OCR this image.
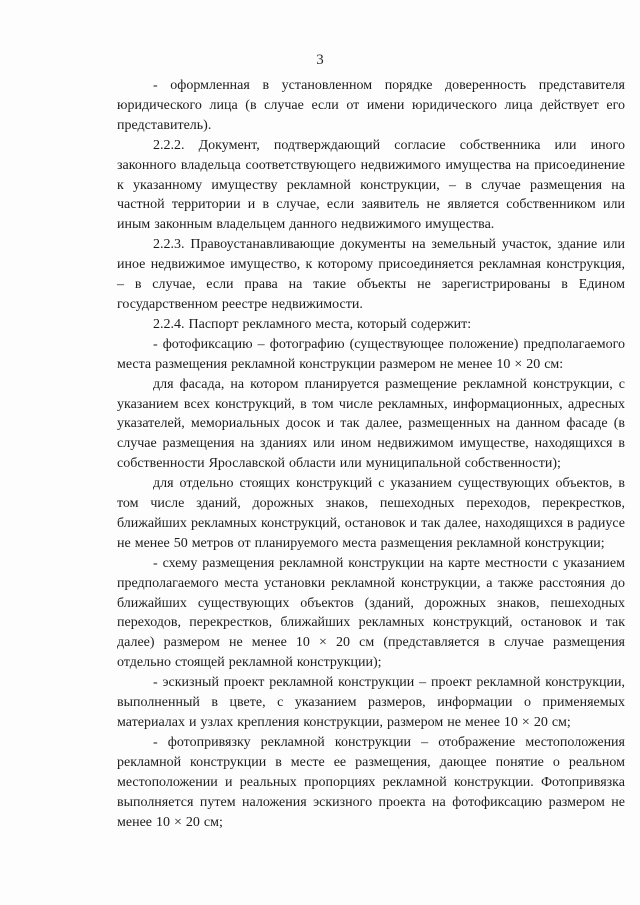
3

- оформленная в установленном порядке доверенность представителя юридического лица (в случае если от имени юридического лица действует его представитель).

2.2.2. Документ, подтверждающий согласие собственника или иного законного владельца соответствующего недвижимого имущества на присоединение к указанному имуществу рекламной конструкции, – в случае размещения на частной территории и в случае, если заявитель не является собственником или иным законным владельцем данного недвижимого имущества.

2.2.3. Правоустанавливающие документы на земельный участок, здание или иное недвижимое имущество, к которому присоединяется рекламная конструкция, – в случае, если права на такие объекты не зарегистрированы в Едином государственном реестре недвижимости.

2.2.4. Паспорт рекламного места, который содержит:

- фотофиксацию – фотографию (существующее положение) предполагаемого места размещения рекламной конструкции размером не менее 10 × 20 см:

для фасада, на котором планируется размещение рекламной конструкции, с указанием всех конструкций, в том числе рекламных, информационных, адресных указателей, мемориальных досок и так далее, размещенных на данном фасаде (в случае размещения на зданиях или ином недвижимом имуществе, находящихся в собственности Ярославской области или муниципальной собственности);

для отдельно стоящих конструкций с указанием существующих объектов, в том числе зданий, дорожных знаков, пешеходных переходов, перекрестков, ближайших рекламных конструкций, остановок и так далее, находящихся в радиусе не менее 50 метров от планируемого места размещения рекламной конструкции;

- схему размещения рекламной конструкции на карте местности с указанием предполагаемого места установки рекламной конструкции, а также расстояния до ближайших существующих объектов (зданий, дорожных знаков, пешеходных переходов, перекрестков, ближайших рекламных конструкций, остановок и так далее) размером не менее 10 × 20 см (представляется в случае размещения отдельно стоящей рекламной конструкции);

- эскизный проект рекламной конструкции – проект рекламной конструкции, выполненный в цвете, с указанием размеров, информации о применяемых материалах и узлах крепления конструкции, размером не менее 10 × 20 см;

- фотопривязку рекламной конструкции – отображение местоположения рекламной конструкции в месте ее размещения, дающее понятие о реальном местоположении и реальных пропорциях рекламной конструкции. Фотопривязка выполняется путем наложения эскизного проекта на фотофиксацию размером не менее 10 × 20 см;
